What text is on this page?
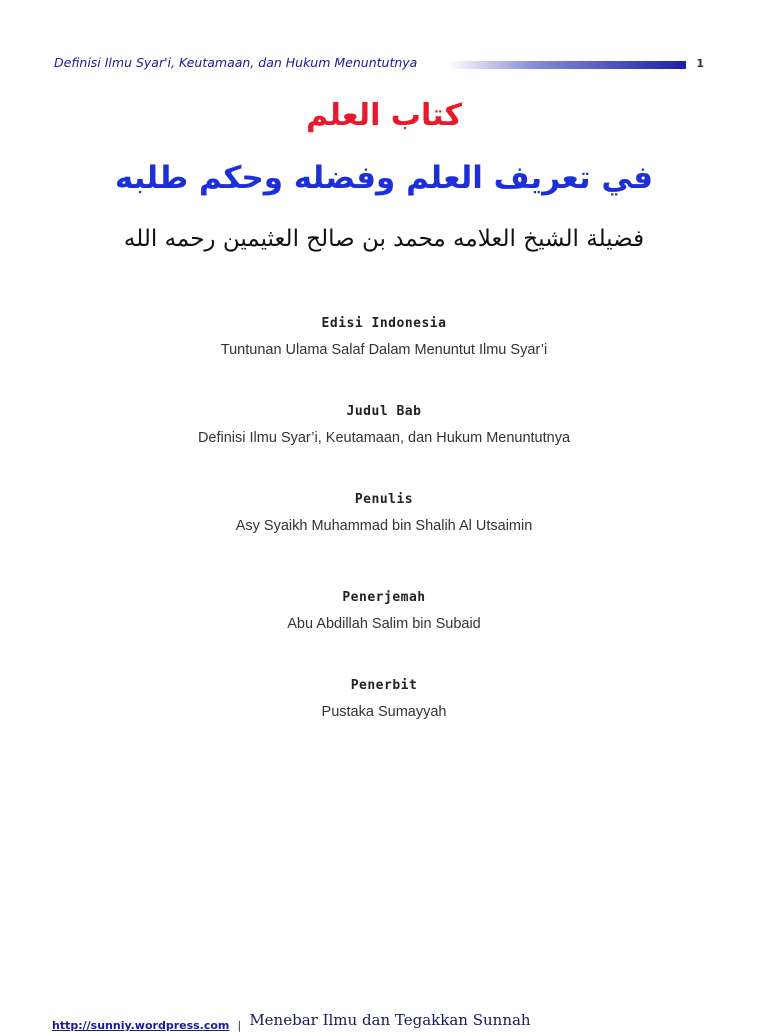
Definisi Ilmu Syar'i, Keutamaan, dan Hukum Menuntutnya	1
كتاب العلم
في تعريف العلم وفضله وحكم طلبه
فضيلة الشيخ العلامه محمد بن صالح العثيمين رحمه الله
Edisi Indonesia
Tuntunan Ulama Salaf Dalam Menuntut Ilmu Syar’i
Judul Bab
Definisi Ilmu Syar’i, Keutamaan, dan Hukum Menuntutnya
Penulis
Asy Syaikh Muhammad bin Shalih Al Utsaimin
Penerjemah
Abu Abdillah Salim bin Subaid
Penerbit
Pustaka Sumayyah
$_{http://sunniy.wordpress.com}$ $_|$ Menebar Ilmu dan Tegakkan Sunnah
